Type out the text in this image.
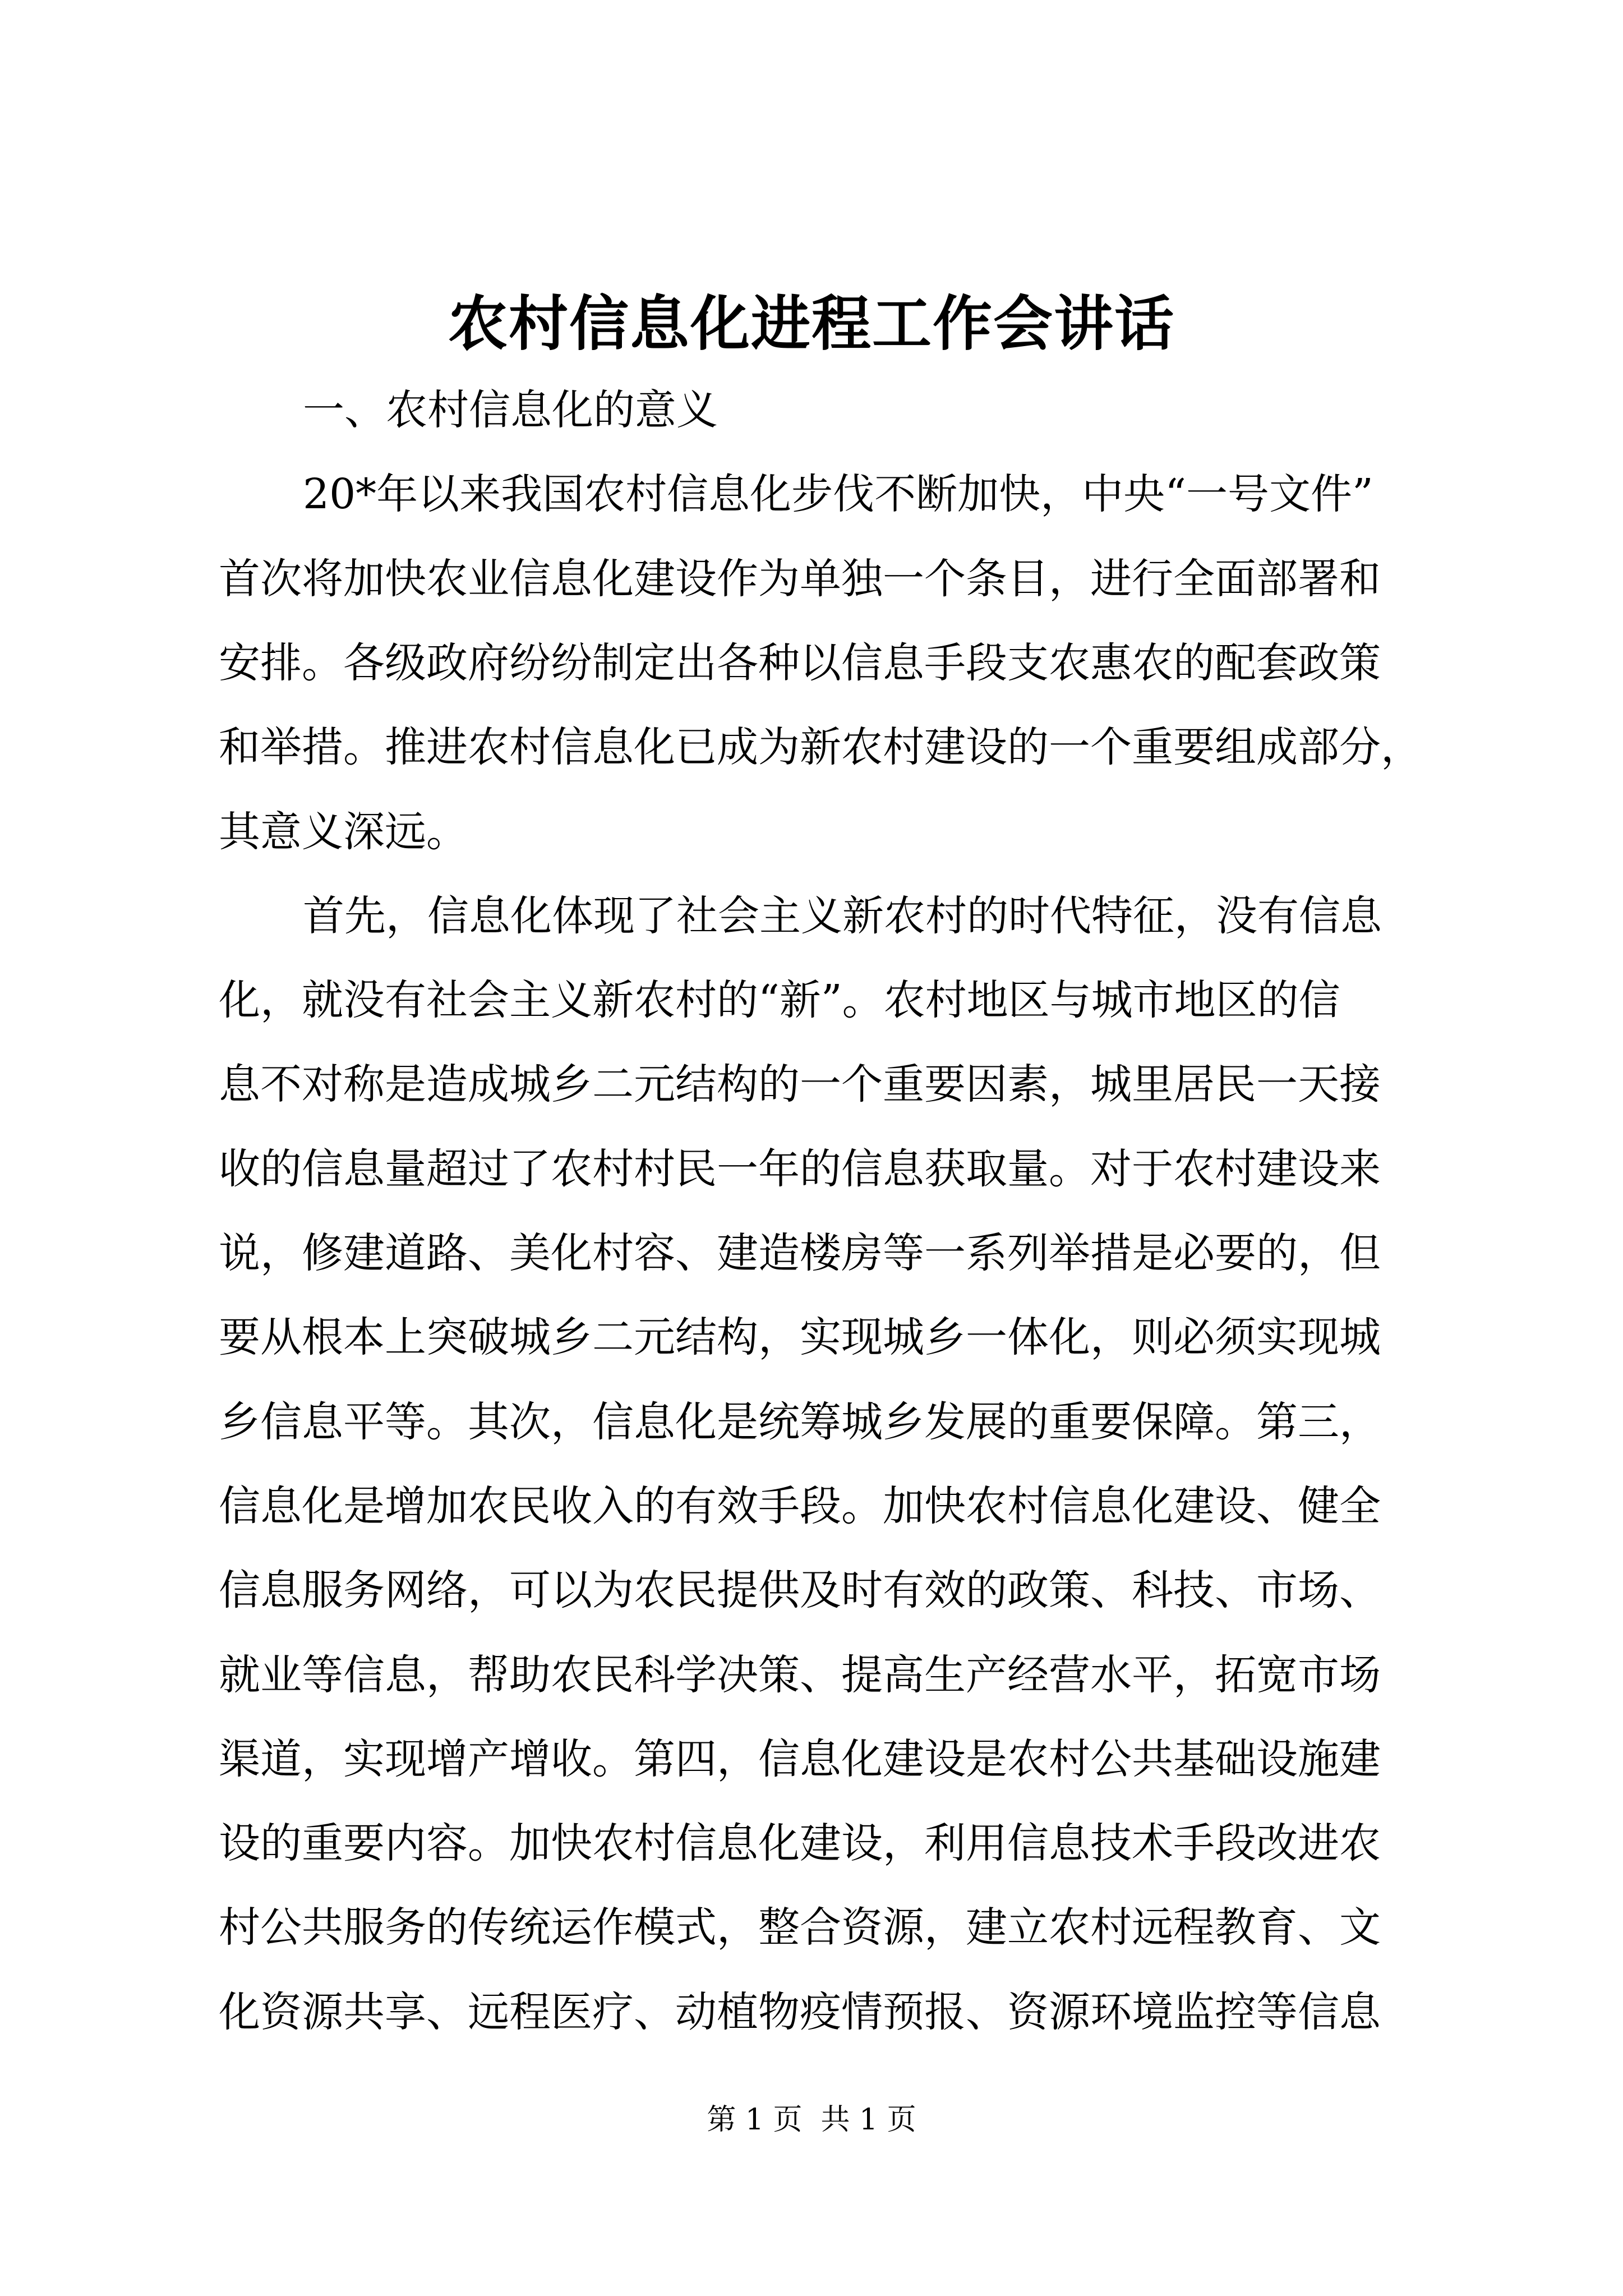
农村信息化进程工作会讲话
一、农村信息化的意义
20*年以来我国农村信息化步伐不断加快，中央“一号文件”
首次将加快农业信息化建设作为单独一个条目，进行全面部署和
安排。各级政府纷纷制定出各种以信息手段支农惠农的配套政策
和举措。推进农村信息化已成为新农村建设的一个重要组成部分，
其意义深远。
首先，信息化体现了社会主义新农村的时代特征，没有信息
化，就没有社会主义新农村的“新”。农村地区与城市地区的信
息不对称是造成城乡二元结构的一个重要因素，城里居民一天接
收的信息量超过了农村村民一年的信息获取量。对于农村建设来
说，修建道路、美化村容、建造楼房等一系列举措是必要的，但
要从根本上突破城乡二元结构，实现城乡一体化，则必须实现城
乡信息平等。其次，信息化是统筹城乡发展的重要保障。第三，
信息化是增加农民收入的有效手段。加快农村信息化建设、健全
信息服务网络，可以为农民提供及时有效的政策、科技、市场、
就业等信息，帮助农民科学决策、提高生产经营水平，拓宽市场
渠道，实现增产增收。第四，信息化建设是农村公共基础设施建
设的重要内容。加快农村信息化建设，利用信息技术手段改进农
村公共服务的传统运作模式，整合资源，建立农村远程教育、文
化资源共享、远程医疗、动植物疫情预报、资源环境监控等信息
第 1 页  共 1 页
